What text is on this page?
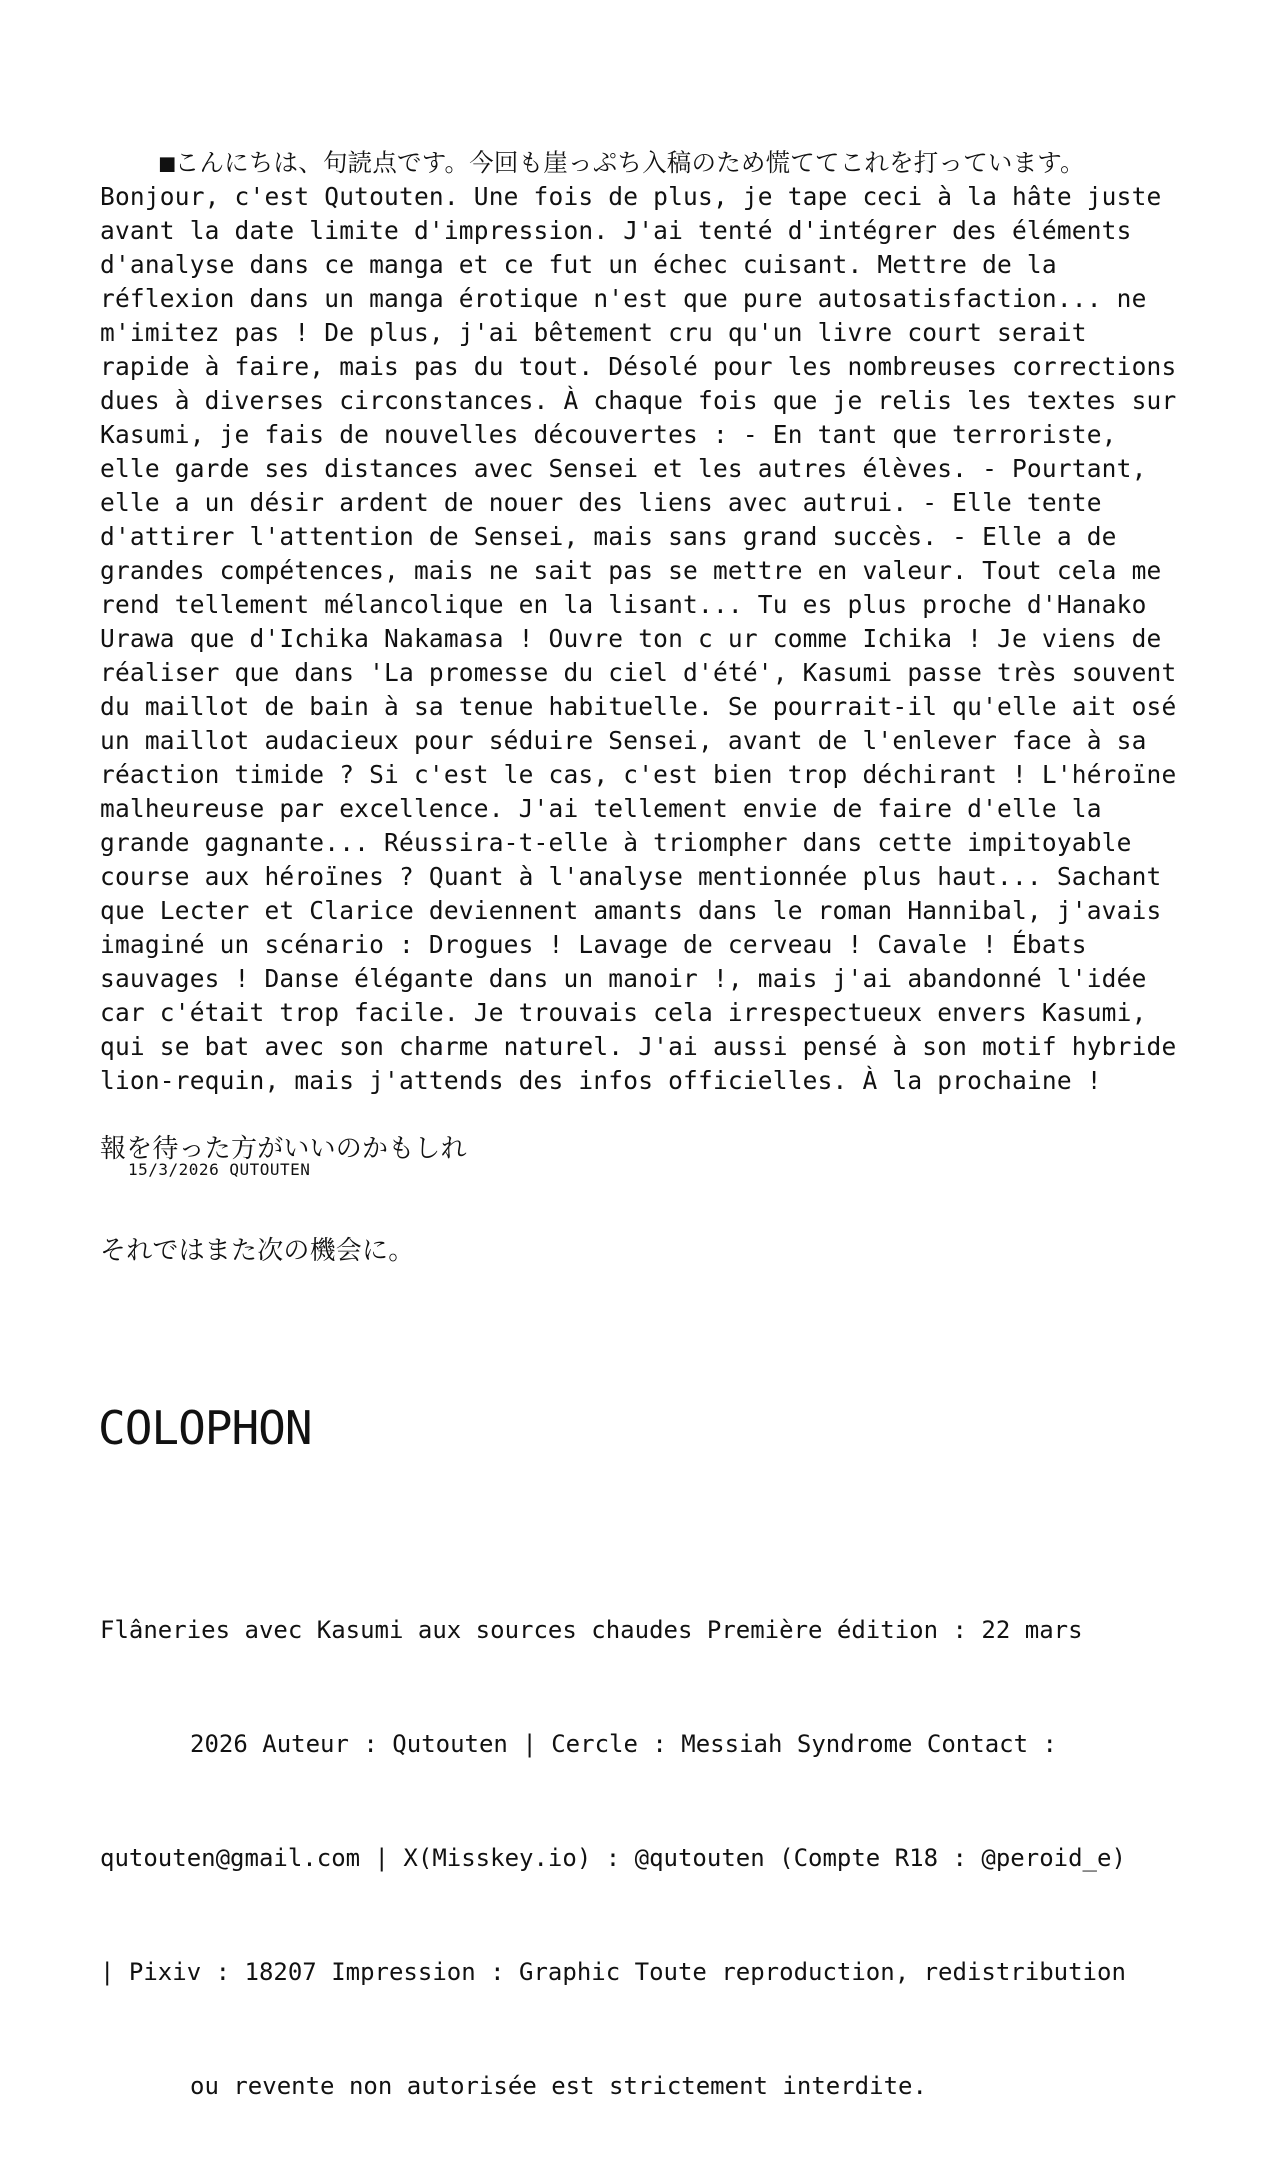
■こんにちは、句読点です。今回も崖っぷち入稿のため慌ててこれを打っています。 Bonjour, c'est Qutouten. Une fois de plus, je tape ceci à la hâte juste avant la date limite d'impression. J'ai tenté d'intégrer des éléments d'analyse dans ce manga et ce fut un échec cuisant. Mettre de la réflexion dans un manga érotique n'est que pure autosatisfaction... ne m'imitez pas ! De plus, j'ai bêtement cru qu'un livre court serait rapide à faire, mais pas du tout. Désolé pour les nombreuses corrections dues à diverses circonstances. À chaque fois que je relis les textes sur Kasumi, je fais de nouvelles découvertes : - En tant que terroriste, elle garde ses distances avec Sensei et les autres élèves. - Pourtant, elle a un désir ardent de nouer des liens avec autrui. - Elle tente d'attirer l'attention de Sensei, mais sans grand succès. - Elle a de grandes compétences, mais ne sait pas se mettre en valeur. Tout cela me rend tellement mélancolique en la lisant... Tu es plus proche d'Hanako Urawa que d'Ichika Nakamasa ! Ouvre ton c ur comme Ichika ! Je viens de réaliser que dans 'La promesse du ciel d'été', Kasumi passe très souvent du maillot de bain à sa tenue habituelle. Se pourrait-il qu'elle ait osé un maillot audacieux pour séduire Sensei, avant de l'enlever face à sa réaction timide ? Si c'est le cas, c'est bien trop déchirant ! L'héroïne malheureuse par excellence. J'ai tellement envie de faire d'elle la grande gagnante... Réussira-t-elle à triompher dans cette impitoyable course aux héroïnes ? Quant à l'analyse mentionnée plus haut... Sachant que Lecter et Clarice deviennent amants dans le roman Hannibal, j'avais imaginé un scénario : Drogues ! Lavage de cerveau ! Cavale ! Ébats sauvages ! Danse élégante dans un manoir !, mais j'ai abandonné l'idée car c'était trop facile. Je trouvais cela irrespectueux envers Kasumi, qui se bat avec son charme naturel. J'ai aussi pensé à son motif hybride lion-requin, mais j'attends des infos officielles. À la prochaine !

報を待った方がいいのかもしれ

それではまた次の機会に。

15/3/2026 QUTOUTEN
COLOPHON

Flâneries avec Kasumi aux sources chaudes Première édition : 22 mars

2026 Auteur : Qutouten | Cercle : Messiah Syndrome Contact :

qutouten@gmail.com | X(Misskey.io) : @qutouten (Compte R18 : @peroid_e)

| Pixiv : 18207 Impression : Graphic Toute reproduction, redistribution

ou revente non autorisée est strictement interdite.
